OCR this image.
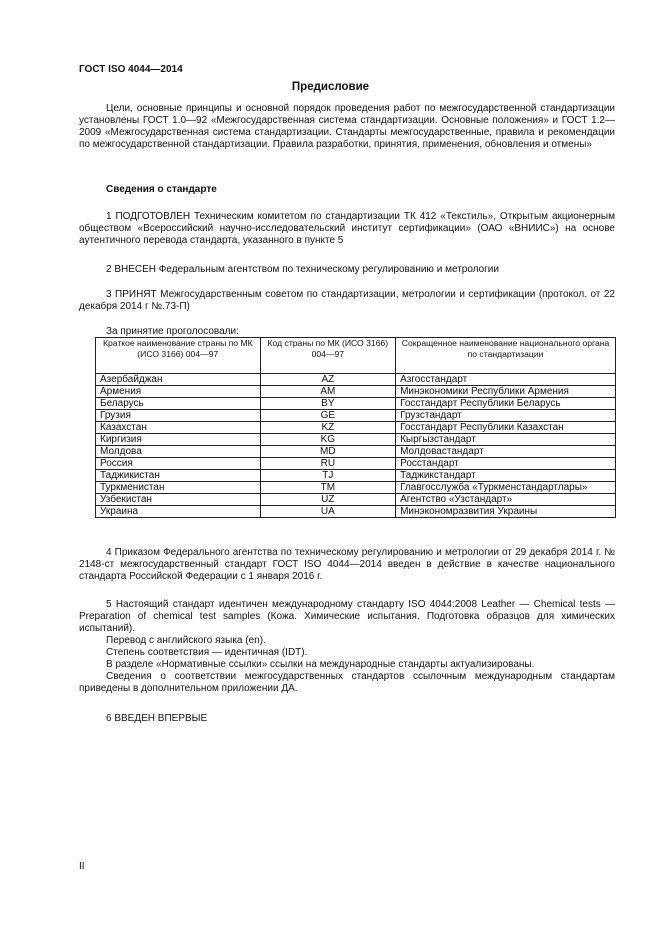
ГОСТ ISO 4044—2014
Предисловие

Цели, основные принципы и основной порядок проведения работ по межгосударственной стандартизации установлены ГОСТ 1.0—92 «Межгосударственная система стандартизации. Основные положения» и ГОСТ 1.2—2009 «Межгосударственная система стандартизации. Стандарты межгосударственные, правила и рекомендации по межгосударственной стандартизации. Правила разработки, принятия, применения, обновления и отмены»

Сведения о стандарте

1 ПОДГОТОВЛЕН Техническим комитетом по стандартизации ТК 412 «Текстиль», Открытым акционерным обществом «Всероссийский научно-исследовательский институт сертификации» (ОАО «ВНИИС») на основе аутентичного перевода стандарта, указанного в пункте 5

2 ВНЕСЕН Федеральным агентством по техническому регулированию и метрологии

3 ПРИНЯТ Межгосударственным советом по стандартизации, метрологии и сертификации (протокол. от 22 декабря 2014 г №.73-П)

За принятие проголосовали:

Краткое наименование страны по МК (ИСО 3166) 004—97	Код страны по МК (ИСО 3166) 004—97	Сокращенное наименование национального органа по стандартизации
Азербайджан	AZ	Азгосстандарт
Армения	AM	Минэкономики Республики Армения
Беларусь	BY	Госстандарт Республики Беларусь
Грузия	GE	Грузстандарт
Казахстан	KZ	Госстандарт Республики Казахстан
Киргизия	KG	Кыргызстандарт
Молдова	MD	Молдовастандарт
Россия	RU	Росстандарт
Таджикистан	TJ	Таджикстандарт
Туркменистан	TM	Главгосслужба «Туркменстандартлары»
Узбекистан	UZ	Агентство «Узстандарт»
Украина	UA	Минэкономразвития Украины

4 Приказом Федерального агентства по техническому регулированию и метрологии от 29 декабря 2014 г. № 2148-ст межгосударственный стандарт ГОСТ ISO 4044—2014 введен в действие в качестве национального стандарта Российской Федерации с 1 января 2016 г.

5 Настоящий стандарт идентичен международному стандарту ISO 4044:2008 Leather — Chemical tests — Preparation of chemical test samples (Кожа. Химические испытания. Подготовка образцов для химических испытаний).

Перевод с английского языка (en).

Степень соответствия — идентичная (IDT).

В разделе «Нормативные ссылки» ссылки на международные стандарты актуализированы.

Сведения о соответствии межгосударственных стандартов ссылочным международным стандартам приведены в дополнительном приложении ДА.

6 ВВЕДЕН ВПЕРВЫЕ

II
